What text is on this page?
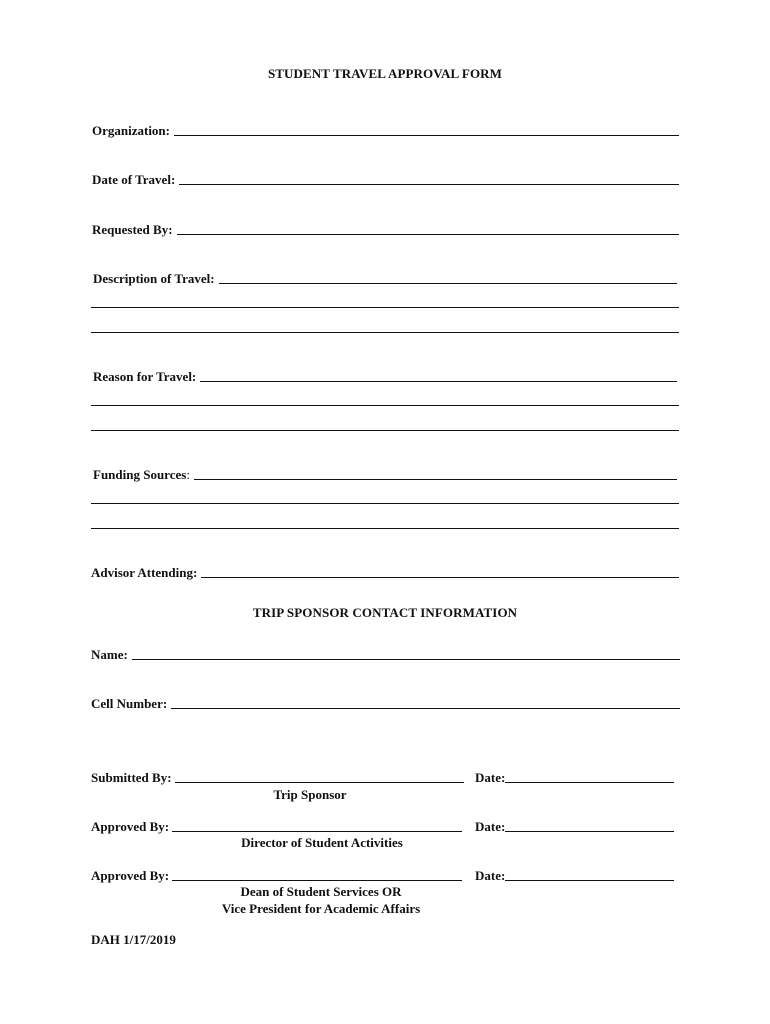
STUDENT TRAVEL APPROVAL FORM
Organization:
Date of Travel:
Requested By:
Description of Travel:
Reason for Travel:
Funding Sources:
Advisor Attending:
TRIP SPONSOR CONTACT INFORMATION
Name:
Cell Number:
Submitted By:	Date:
Trip Sponsor
Approved By:	Date:
Director of Student Activities
Approved By:	Date:
Dean of Student Services OR
Vice President for Academic Affairs
DAH 1/17/2019
